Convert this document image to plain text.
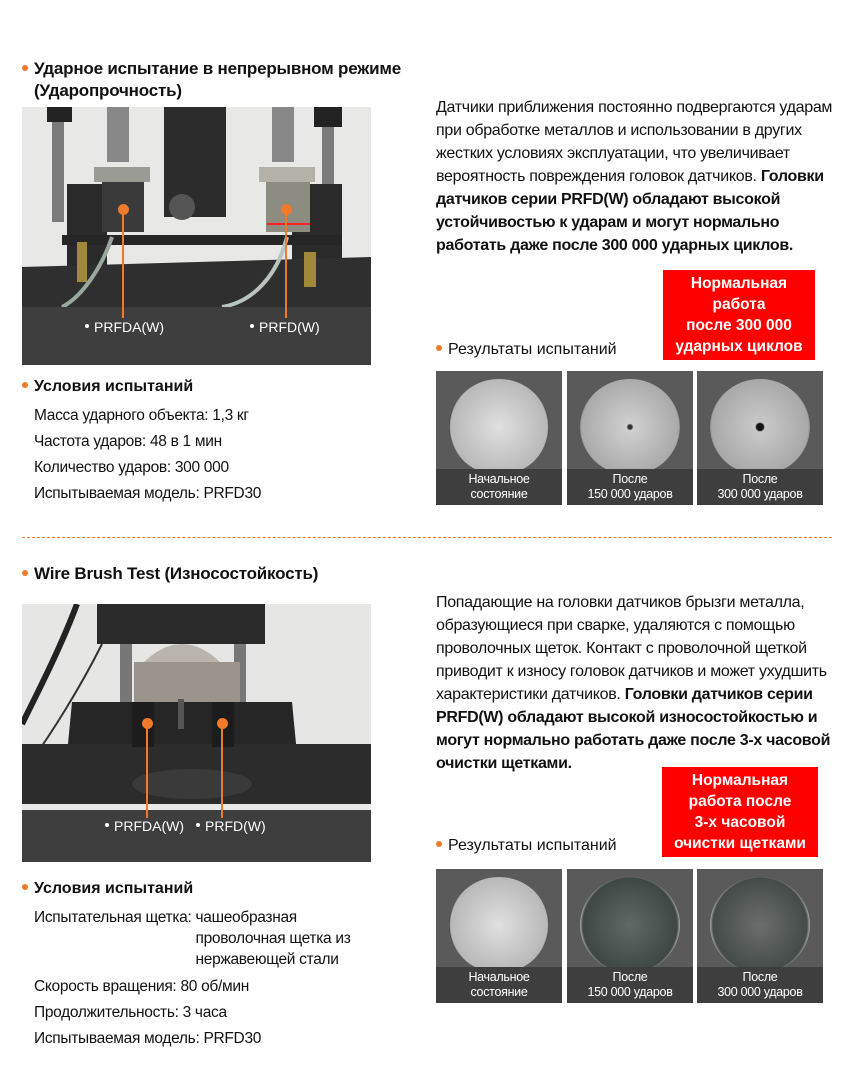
Ударное испытание в непрерывном режиме
(Ударопрочность)
PRFDA(W)	PRFD(W)
Датчики приближения постоянно подвергаются ударам при обработке металлов и использовании в других жестких условиях эксплуатации, что увеличивает вероятность повреждения головок датчиков. Головки датчиков серии PRFD(W) обладают высокой устойчивостью к ударам и могут нормально работать даже после 300 000 ударных циклов.
Нормальная
работа
после 300 000
ударных циклов
Результаты испытаний
Начальное
состояние
После
150 000 ударов
После
300 000 ударов
Условия испытаний
Масса ударного объекта: 1,3 кг
Частота ударов: 48 в 1 мин
Количество ударов: 300 000
Испытываемая модель: PRFD30
Wire Brush Test (Износостойкость)
PRFDA(W)	PRFD(W)
Попадающие на головки датчиков брызги металла, образующиеся при сварке, удаляются с помощью проволочных щеток. Контакт с проволочной щеткой приводит к износу головок датчиков и может ухудшить характеристики датчиков. Головки датчиков серии PRFD(W) обладают высокой износостойкостью и могут нормально работать даже после 3-х часовой очистки щетками.
Нормальная
работа после
3-х часовой
очистки щетками
Результаты испытаний
Начальное
состояние
После
150 000 ударов
После
300 000 ударов
Условия испытаний
Испытательная щетка: чашеобразная
проволочная щетка из
нержавеющей стали
Скорость вращения: 80 об/мин
Продолжительность: 3 часа
Испытываемая модель: PRFD30
